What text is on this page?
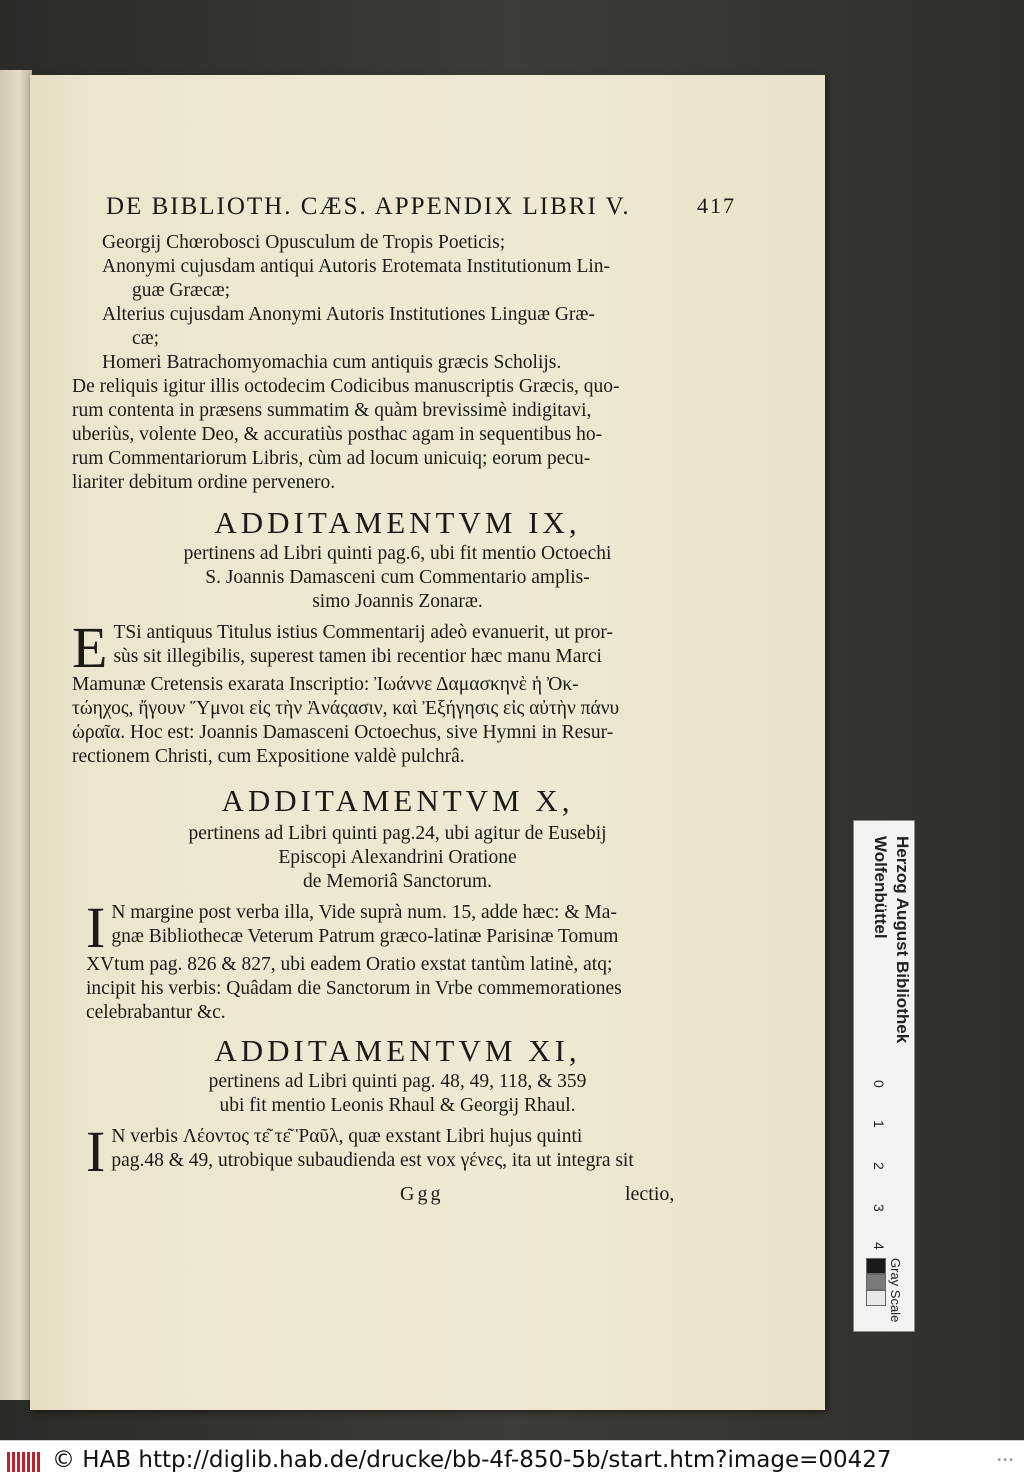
DE BIBLIOTH. CÆS. APPENDIX LIBRI V.	417
Georgij Chœrobosci Opusculum de Tropis Poeticis;
Anonymi cujusdam antiqui Autoris Erotemata Institutionum Lin-
guæ Græcæ;
Alterius cujusdam Anonymi Autoris Institutiones Linguæ Græ-
cæ;
Homeri Batrachomyomachia cum antiquis græcis Scholijs.
De reliquis igitur illis octodecim Codicibus manuscriptis Græcis, quo-
rum contenta in præsens summatim & quàm brevissimè indigitavi,
uberiùs, volente Deo, & accuratiùs posthac agam in sequentibus ho-
rum Commentariorum Libris, cùm ad locum unicuiq; eorum pecu-
liariter debitum ordine pervenero.
ADDITAMENTVM IX,
pertinens ad Libri quinti pag.6, ubi fit mentio Octoechi
S. Joannis Damasceni cum Commentario amplis-
simo Joannis Zonaræ.
E TSi antiquus Titulus istius Commentarij adeò evanuerit, ut pror-
sùs sit illegibilis, superest tamen ibi recentior hæc manu Marci
Mamunæ Cretensis exarata Inscriptio: Ἰωάννε Δαμασκηνὲ ἡ Ὀκ-
τώηχος, ἤγουν Ὕμνοι εἰς τὴν Ἀνάςασιν, καὶ Ἐξήγησις εἰς αὐτὴν πάνυ
ὡραῖα. Hoc est: Joannis Damasceni Octoechus, sive Hymni in Resur-
rectionem Christi, cum Expositione valdè pulchrâ.
ADDITAMENTVM X,
pertinens ad Libri quinti pag.24, ubi agitur de Eusebij
Episcopi Alexandrini Oratione
de Memoriâ Sanctorum.
I N margine post verba illa, Vide suprà num. 15, adde hæc: & Ma-
gnæ Bibliothecæ Veterum Patrum græco-latinæ Parisinæ Tomum
XVtum pag. 826 & 827, ubi eadem Oratio exstat tantùm latinè, atq;
incipit his verbis: Quâdam die Sanctorum in Vrbe commemorationes
celebrabantur &c.
ADDITAMENTVM XI,
pertinens ad Libri quinti pag. 48, 49, 118, & 359
ubi fit mentio Leonis Rhaul & Georgij Rhaul.
I N verbis Λέοντος τε͂ τε͂ Ῥαῦλ, quæ exstant Libri hujus quinti
pag.48 & 49, utrobique subaudienda est vox γένες, ita ut integra sit
Ggg	lectio,
Herzog August Bibliothek Wolfenbüttel
0
1
2
3
4
Gray Scale
© HAB http://diglib.hab.de/drucke/bb-4f-850-5b/start.htm?image=00427	•••
